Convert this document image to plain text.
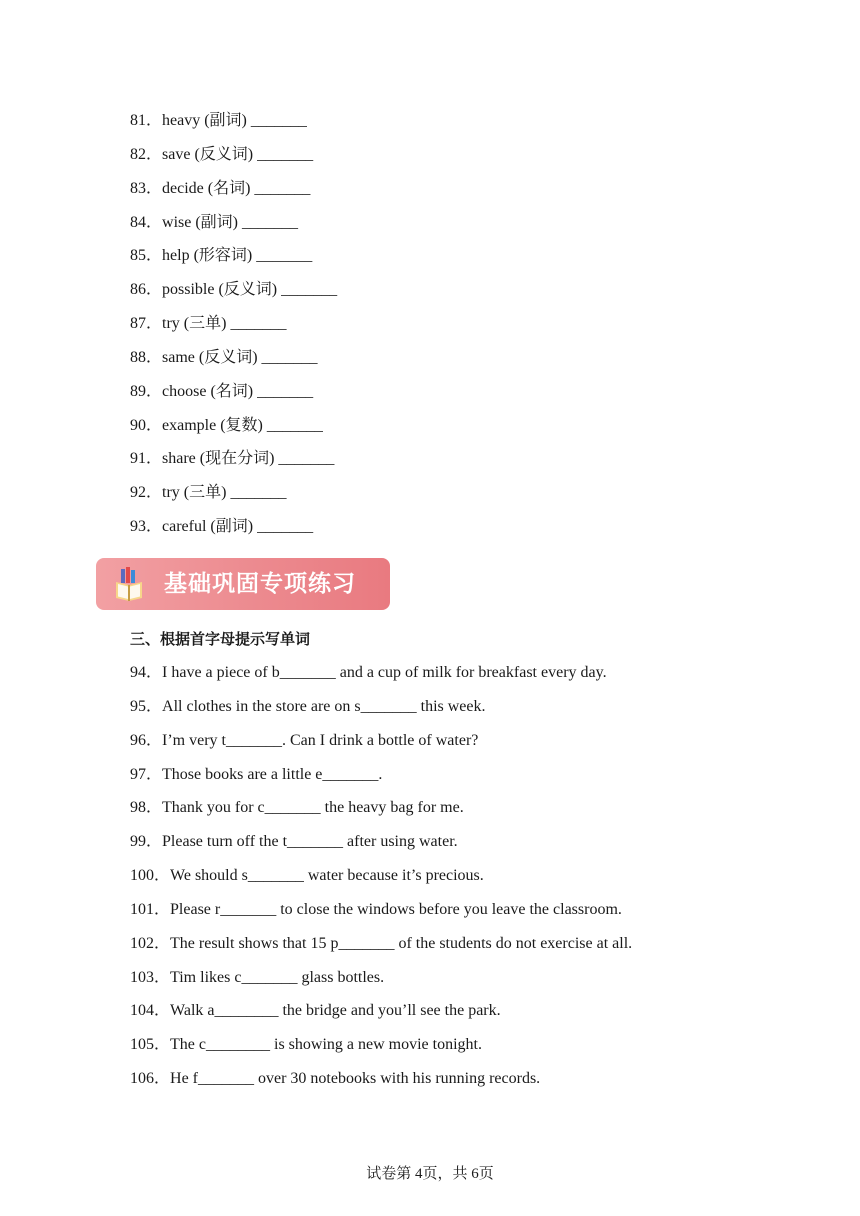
81．heavy (副词) _______
82．save (反义词) _______
83．decide (名词) _______
84．wise (副词) _______
85．help (形容词) _______
86．possible (反义词) _______
87．try (三单) _______
88．same (反义词) _______
89．choose (名词) _______
90．example (复数) _______
91．share (现在分词) _______
92．try (三单) _______
93．careful (副词) _______
基础巩固专项练习
三、根据首字母提示写单词
94．I have a piece of b_______ and a cup of milk for breakfast every day.
95．All clothes in the store are on s_______ this week.
96．I’m very t_______. Can I drink a bottle of water?
97．Those books are a little e_______.
98．Thank you for c_______ the heavy bag for me.
99．Please turn off the t_______ after using water.
100．We should s_______ water because it’s precious.
101．Please r_______ to close the windows before you leave the classroom.
102．The result shows that 15 p_______ of the students do not exercise at all.
103．Tim likes c_______ glass bottles.
104．Walk a________ the bridge and you’ll see the park.
105．The c________ is showing a new movie tonight.
106．He f_______ over 30 notebooks with his running records.
试卷第 4页，共 6页
